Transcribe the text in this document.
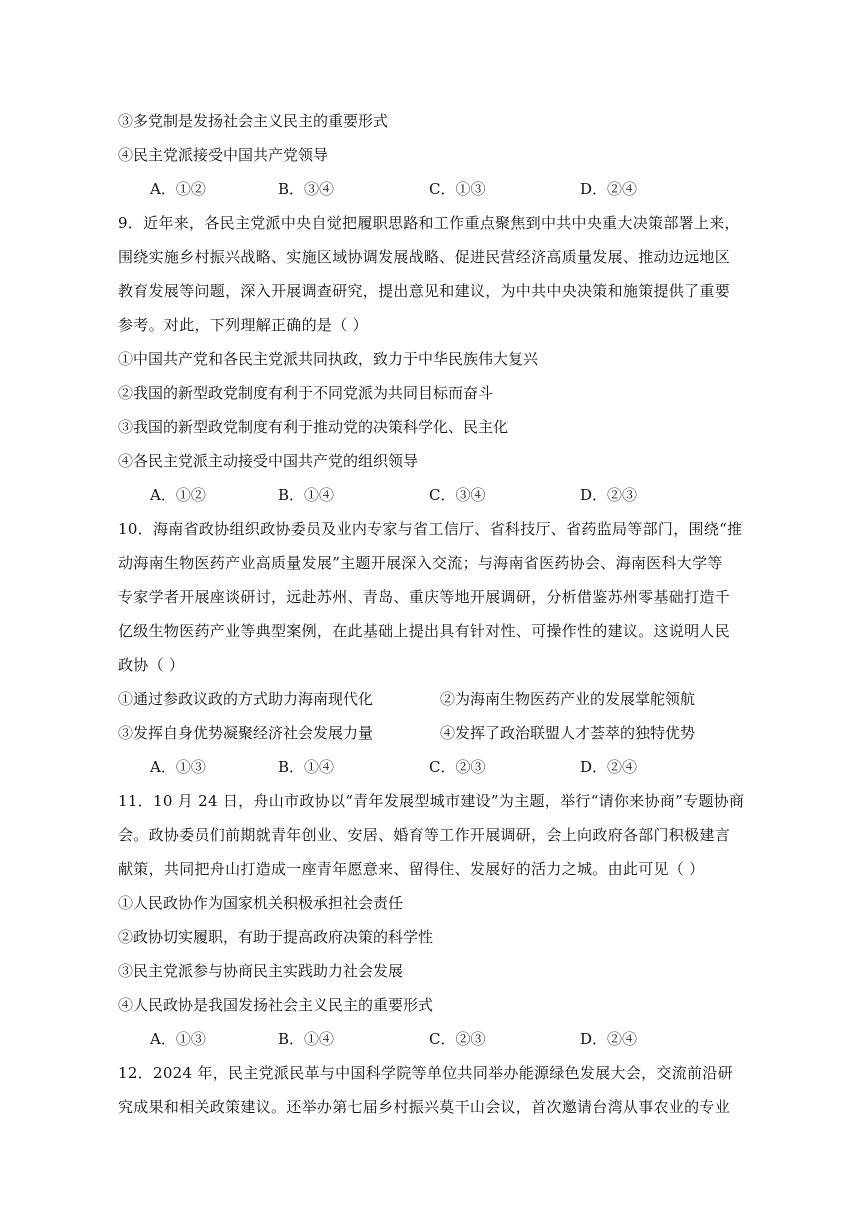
③多党制是发扬社会主义民主的重要形式
④民主党派接受中国共产党领导
A．①②	B．③④	C．①③	D．②④
9．近年来，各民主党派中央自觉把履职思路和工作重点聚焦到中共中央重大决策部署上来，
围绕实施乡村振兴战略、实施区域协调发展战略、促进民营经济高质量发展、推动边远地区
教育发展等问题，深入开展调查研究，提出意见和建议，为中共中央决策和施策提供了重要
参考。对此，下列理解正确的是（ ）
①中国共产党和各民主党派共同执政，致力于中华民族伟大复兴
②我国的新型政党制度有利于不同党派为共同目标而奋斗
③我国的新型政党制度有利于推动党的决策科学化、民主化
④各民主党派主动接受中国共产党的组织领导
A．①②	B．①④	C．③④	D．②③
10．海南省政协组织政协委员及业内专家与省工信厅、省科技厅、省药监局等部门，围绕“推
动海南生物医药产业高质量发展”主题开展深入交流；与海南省医药协会、海南医科大学等
专家学者开展座谈研讨，远赴苏州、青岛、重庆等地开展调研，分析借鉴苏州零基础打造千
亿级生物医药产业等典型案例，在此基础上提出具有针对性、可操作性的建议。这说明人民
政协（ ）
①通过参政议政的方式助力海南现代化	②为海南生物医药产业的发展掌舵领航
③发挥自身优势凝聚经济社会发展力量	④发挥了政治联盟人才荟萃的独特优势
A．①③	B．①④	C．②③	D．②④
11．10 月 24 日，舟山市政协以“青年发展型城市建设”为主题，举行“请你来协商”专题协商
会。政协委员们前期就青年创业、安居、婚育等工作开展调研，会上向政府各部门积极建言
献策，共同把舟山打造成一座青年愿意来、留得住、发展好的活力之城。由此可见（ ）
①人民政协作为国家机关积极承担社会责任
②政协切实履职，有助于提高政府决策的科学性
③民主党派参与协商民主实践助力社会发展
④人民政协是我国发扬社会主义民主的重要形式
A．①③	B．①④	C．②③	D．②④
12．2024 年，民主党派民革与中国科学院等单位共同举办能源绿色发展大会，交流前沿研
究成果和相关政策建议。还举办第七届乡村振兴莫干山会议，首次邀请台湾从事农业的专业
